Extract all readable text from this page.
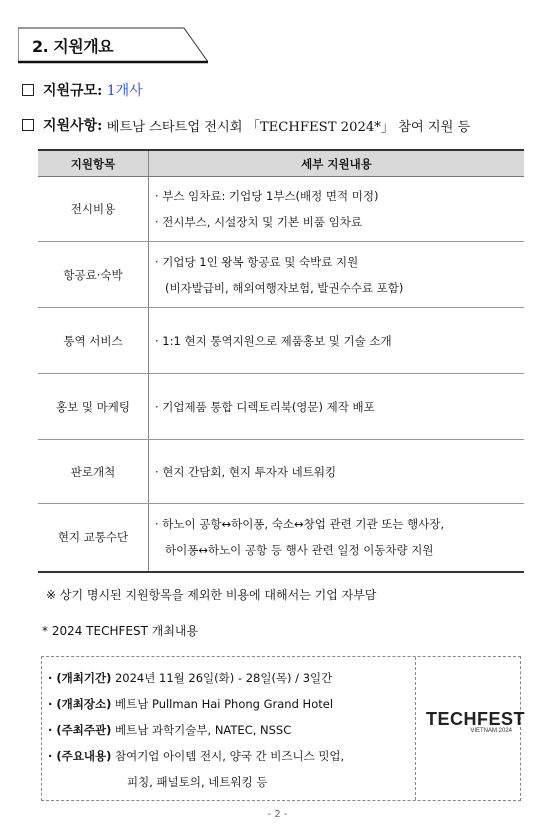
2. 지원개요
지원규모:
1개사
지원사항:
베트남 스타트업 전시회 「TECHFEST 2024*」 참여 지원 등
지원항목	세부 지원내용
전시비용	· 부스 임차료: 기업당 1부스(배정 면적 미정)
· 전시부스, 시설장치 및 기본 비품 임차료

항공료·숙박	· 기업당 1인 왕복 항공료 및 숙박료 지원
(비자발급비, 해외여행자보험, 발권수수료 포함)

통역 서비스	· 1:1 현지 통역지원으로 제품홍보 및 기술 소개

홍보 및 마케팅	· 기업제품 통합 디렉토리북(영문) 제작 배포

판로개척	· 현지 간담회, 현지 투자자 네트워킹

현지 교통수단	· 하노이 공항↔하이퐁, 숙소↔창업 관련 기관 또는 행사장,
하이퐁↔하노이 공항 등 행사 관련 일정 이동차량 지원
※ 상기 명시된 지원항목을 제외한 비용에 대해서는 기업 자부담
* 2024 TECHFEST 개최내용
· (개최기간) 2024년 11월 26일(화) - 28일(목) / 3일간
· (개최장소) 베트남 Pullman Hai Phong Grand Hotel
· (주최주관) 베트남 과학기술부, NATEC, NSSC
· (주요내용) 참여기업 아이템 전시, 양국 간 비즈니스 밋업,
피칭, 패널토의, 네트워킹 등
TECHFEST
VIETNAM 2024
- 2 -
